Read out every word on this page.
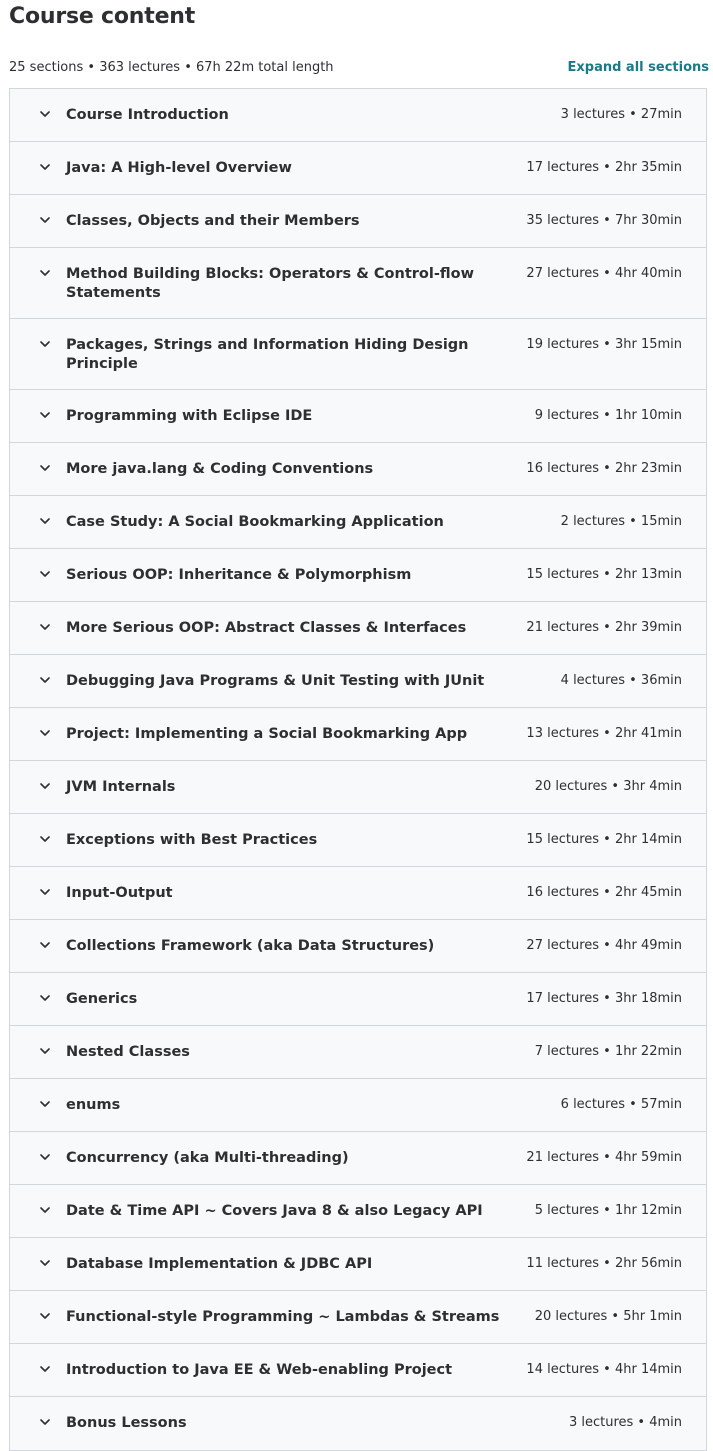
Course content
25 sections • 363 lectures • 67h 22m total length	Expand all sections
Course Introduction	3 lectures • 27min
Java: A High-level Overview	17 lectures • 2hr 35min
Classes, Objects and their Members	35 lectures • 7hr 30min
Method Building Blocks: Operators & Control-flow Statements
27 lectures • 4hr 40min
Packages, Strings and Information Hiding Design Principle
19 lectures • 3hr 15min
Programming with Eclipse IDE	9 lectures • 1hr 10min
More java.lang & Coding Conventions	16 lectures • 2hr 23min
Case Study: A Social Bookmarking Application	2 lectures • 15min
Serious OOP: Inheritance & Polymorphism	15 lectures • 2hr 13min
More Serious OOP: Abstract Classes & Interfaces	21 lectures • 2hr 39min
Debugging Java Programs & Unit Testing with JUnit	4 lectures • 36min
Project: Implementing a Social Bookmarking App	13 lectures • 2hr 41min
JVM Internals	20 lectures • 3hr 4min
Exceptions with Best Practices	15 lectures • 2hr 14min
Input-Output	16 lectures • 2hr 45min
Collections Framework (aka Data Structures)	27 lectures • 4hr 49min
Generics	17 lectures • 3hr 18min
Nested Classes	7 lectures • 1hr 22min
enums	6 lectures • 57min
Concurrency (aka Multi-threading)	21 lectures • 4hr 59min
Date & Time API ~ Covers Java 8 & also Legacy API	5 lectures • 1hr 12min
Database Implementation & JDBC API	11 lectures • 2hr 56min
Functional-style Programming ~ Lambdas & Streams	20 lectures • 5hr 1min
Introduction to Java EE & Web-enabling Project	14 lectures • 4hr 14min
Bonus Lessons	3 lectures • 4min
